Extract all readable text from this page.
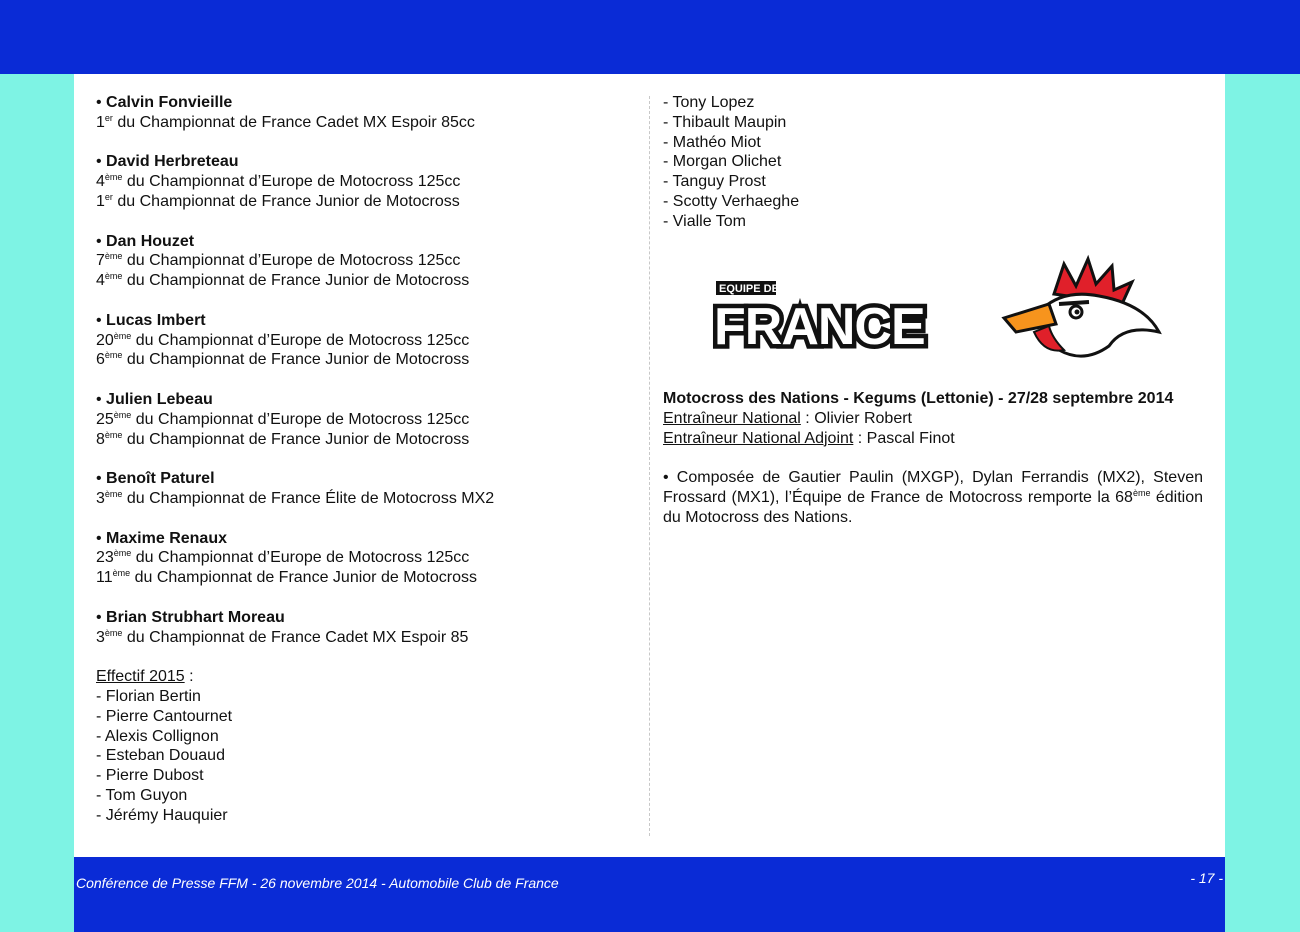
• Calvin Fonvieille
1er du Championnat de France Cadet MX Espoir 85cc
• David Herbreteau
4ème du Championnat d’Europe de Motocross 125cc
1er du Championnat de France Junior de Motocross
• Dan Houzet
7ème du Championnat d’Europe de Motocross 125cc
4ème du Championnat de France Junior de Motocross
• Lucas Imbert
20ème du Championnat d’Europe de Motocross 125cc
6ème du Championnat de France Junior de Motocross
• Julien Lebeau
25ème du Championnat d’Europe de Motocross 125cc
8ème du Championnat de France Junior de Motocross
• Benoît Paturel
3ème du Championnat de France Élite de Motocross MX2
• Maxime Renaux
23ème du Championnat d’Europe de Motocross 125cc
11ème du Championnat de France Junior de Motocross
• Brian Strubhart Moreau
3ème du Championnat de France Cadet MX Espoir 85
Effectif 2015 :
- Florian Bertin
- Pierre Cantournet
- Alexis Collignon
- Esteban Douaud
- Pierre Dubost
- Tom Guyon
- Jérémy Hauquier
- Tony Lopez
- Thibault Maupin
- Mathéo Miot
- Morgan Olichet
- Tanguy Prost
- Scotty Verhaeghe
- Vialle Tom
EQUIPE DE
FRANCE
Motocross des Nations - Kegums (Lettonie) - 27/28 septembre 2014
Entraîneur National : Olivier Robert
Entraîneur National Adjoint : Pascal Finot
• Composée de Gautier Paulin (MXGP), Dylan Ferrandis (MX2), Steven Frossard (MX1), l’Équipe de France de Motocross remporte la 68ème édition du Motocross des Nations.
Conférence de Presse FFM - 26 novembre 2014 - Automobile Club de France	- 17 -
